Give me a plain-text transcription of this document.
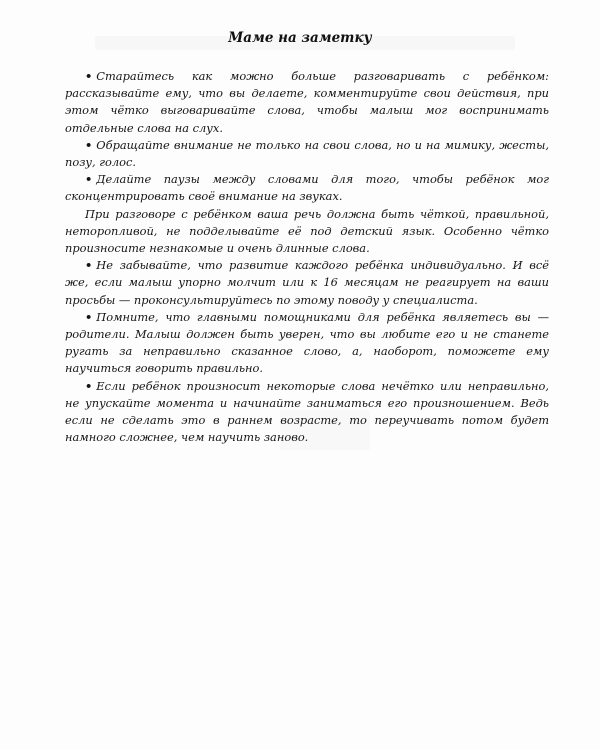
Маме на заметку

• Старайтесь как можно больше разговаривать с ребёнком: рассказывайте ему, что вы делаете, комментируйте свои действия, при этом чётко выговаривайте слова, чтобы малыш мог воспринимать отдельные слова на слух.

• Обращайте внимание не только на свои слова, но и на мимику, жесты, позу, голос.

• Делайте паузы между словами для того, чтобы ребёнок мог сконцентрировать своё внимание на звуках.

При разговоре с ребёнком ваша речь должна быть чёткой, правильной, неторопливой, не подделывайте её под детский язык. Особенно чётко произносите незнакомые и очень длинные слова.

• Не забывайте, что развитие каждого ребёнка индивидуально. И всё же, если малыш упорно молчит или к 16 месяцам не реагирует на ваши просьбы — проконсультируйтесь по этому поводу у специалиста.

• Помните, что главными помощниками для ребёнка являетесь вы — родители. Малыш должен быть уверен, что вы любите его и не станете ругать за неправильно сказанное слово, а, наоборот, поможете ему научиться говорить правильно.

• Если ребёнок произносит некоторые слова нечётко или неправильно, не упускайте момента и начинайте заниматься его произношением. Ведь если не сделать это в раннем возрасте, то переучивать потом будет намного сложнее, чем научить заново.
